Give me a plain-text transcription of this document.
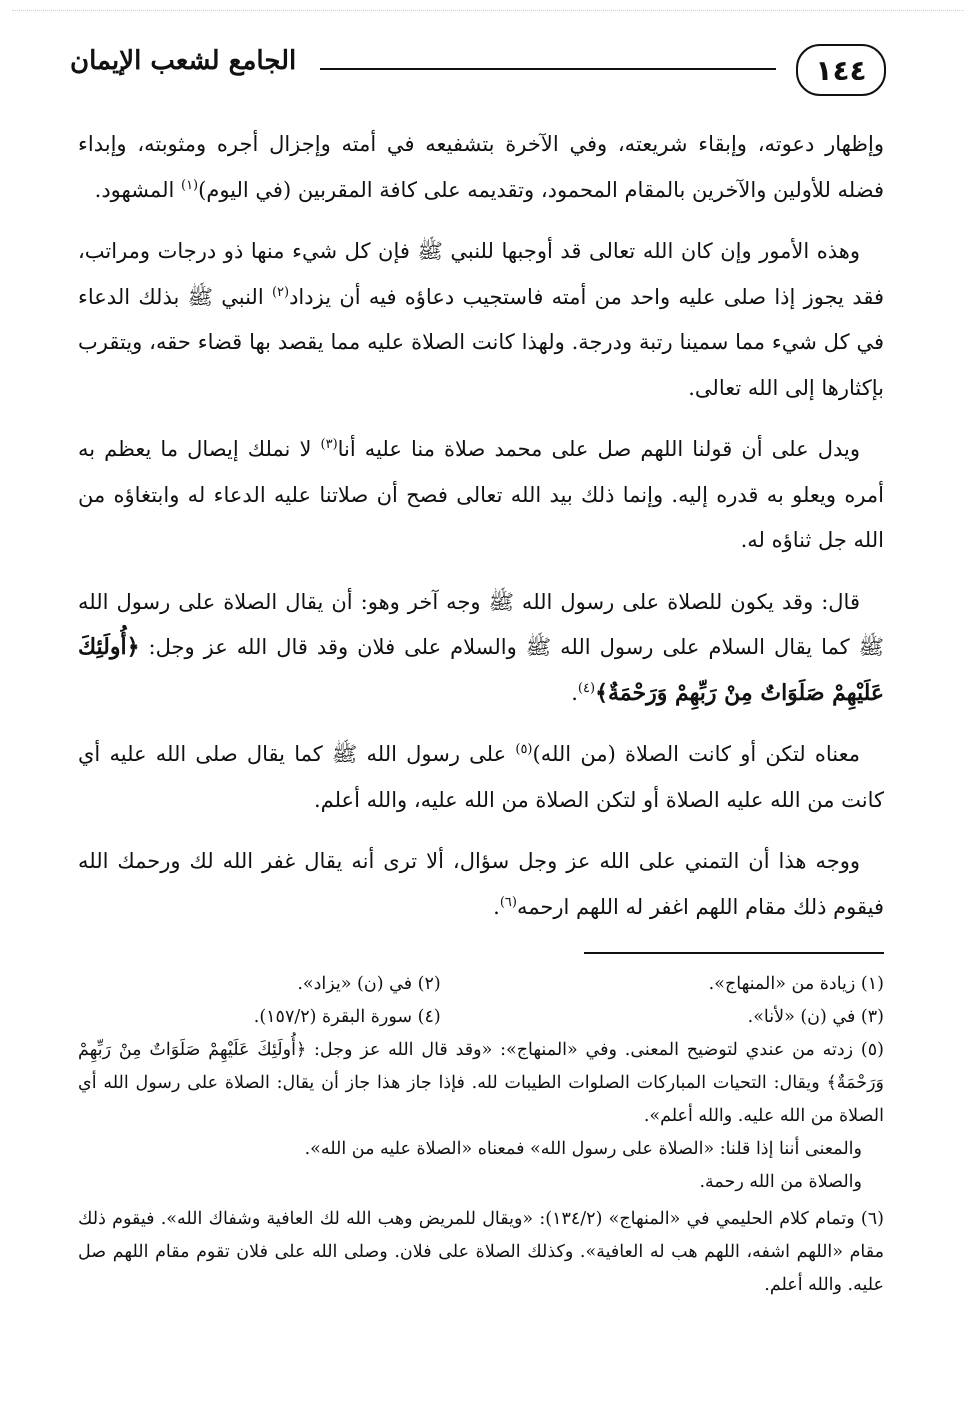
١٤٤
الجامع لشعب الإيمان

وإظهار دعوته، وإبقاء شريعته، وفي الآخرة بتشفيعه في أمته وإجزال أجره ومثوبته، وإبداء فضله للأولين والآخرين بالمقام المحمود، وتقديمه على كافة المقربين (في اليوم)$^{(١)}$ المشهود.

وهذه الأمور وإن كان الله تعالى قد أوجبها للنبي ﷺ فإن كل شيء منها ذو درجات ومراتب، فقد يجوز إذا صلى عليه واحد من أمته فاستجيب دعاؤه فيه أن يزداد$^{(٢)}$ النبي ﷺ بذلك الدعاء في كل شيء مما سمينا رتبة ودرجة. ولهذا كانت الصلاة عليه مما يقصد بها قضاء حقه، ويتقرب بإكثارها إلى الله تعالى.

ويدل على أن قولنا اللهم صل على محمد صلاة منا عليه أنا$^{(٣)}$ لا نملك إيصال ما يعظم به أمره ويعلو به قدره إليه. وإنما ذلك بيد الله تعالى فصح أن صلاتنا عليه الدعاء له وابتغاؤه من الله جل ثناؤه له.

قال: وقد يكون للصلاة على رسول الله ﷺ وجه آخر وهو: أن يقال الصلاة على رسول الله ﷺ كما يقال السلام على رسول الله ﷺ والسلام على فلان وقد قال الله عز وجل: ﴿أُولَئِكَ عَلَيْهِمْ صَلَوَاتٌ مِنْ رَبِّهِمْ وَرَحْمَةٌ﴾$^{(٤)}$.

معناه لتكن أو كانت الصلاة (من الله)$^{(٥)}$ على رسول الله ﷺ كما يقال صلى الله عليه أي كانت من الله عليه الصلاة أو لتكن الصلاة من الله عليه، والله أعلم.

ووجه هذا أن التمني على الله عز وجل سؤال، ألا ترى أنه يقال غفر الله لك ورحمك الله فيقوم ذلك مقام اللهم اغفر له اللهم ارحمه$^{(٦)}$.

(١) زيادة من «المنهاج».
(٢) في (ن) «يزاد».
(٣) في (ن) «لأنا».
(٤) سورة البقرة (١٥٧/٢).
(٥) زدته من عندي لتوضيح المعنى. وفي «المنهاج»: «وقد قال الله عز وجل: ﴿أُولَئِكَ عَلَيْهِمْ صَلَوَاتٌ مِنْ رَبِّهِمْ وَرَحْمَةٌ﴾ ويقال: التحيات المباركات الصلوات الطيبات لله. فإذا جاز هذا جاز أن يقال: الصلاة على رسول الله أي الصلاة من الله عليه. والله أعلم».
والمعنى أننا إذا قلنا: «الصلاة على رسول الله» فمعناه «الصلاة عليه من الله».
والصلاة من الله رحمة.
(٦) وتمام كلام الحليمي في «المنهاج» (١٣٤/٢): «ويقال للمريض وهب الله لك العافية وشفاك الله». فيقوم ذلك مقام «اللهم اشفه، اللهم هب له العافية». وكذلك الصلاة على فلان. وصلى الله على فلان تقوم مقام اللهم صل عليه. والله أعلم.
